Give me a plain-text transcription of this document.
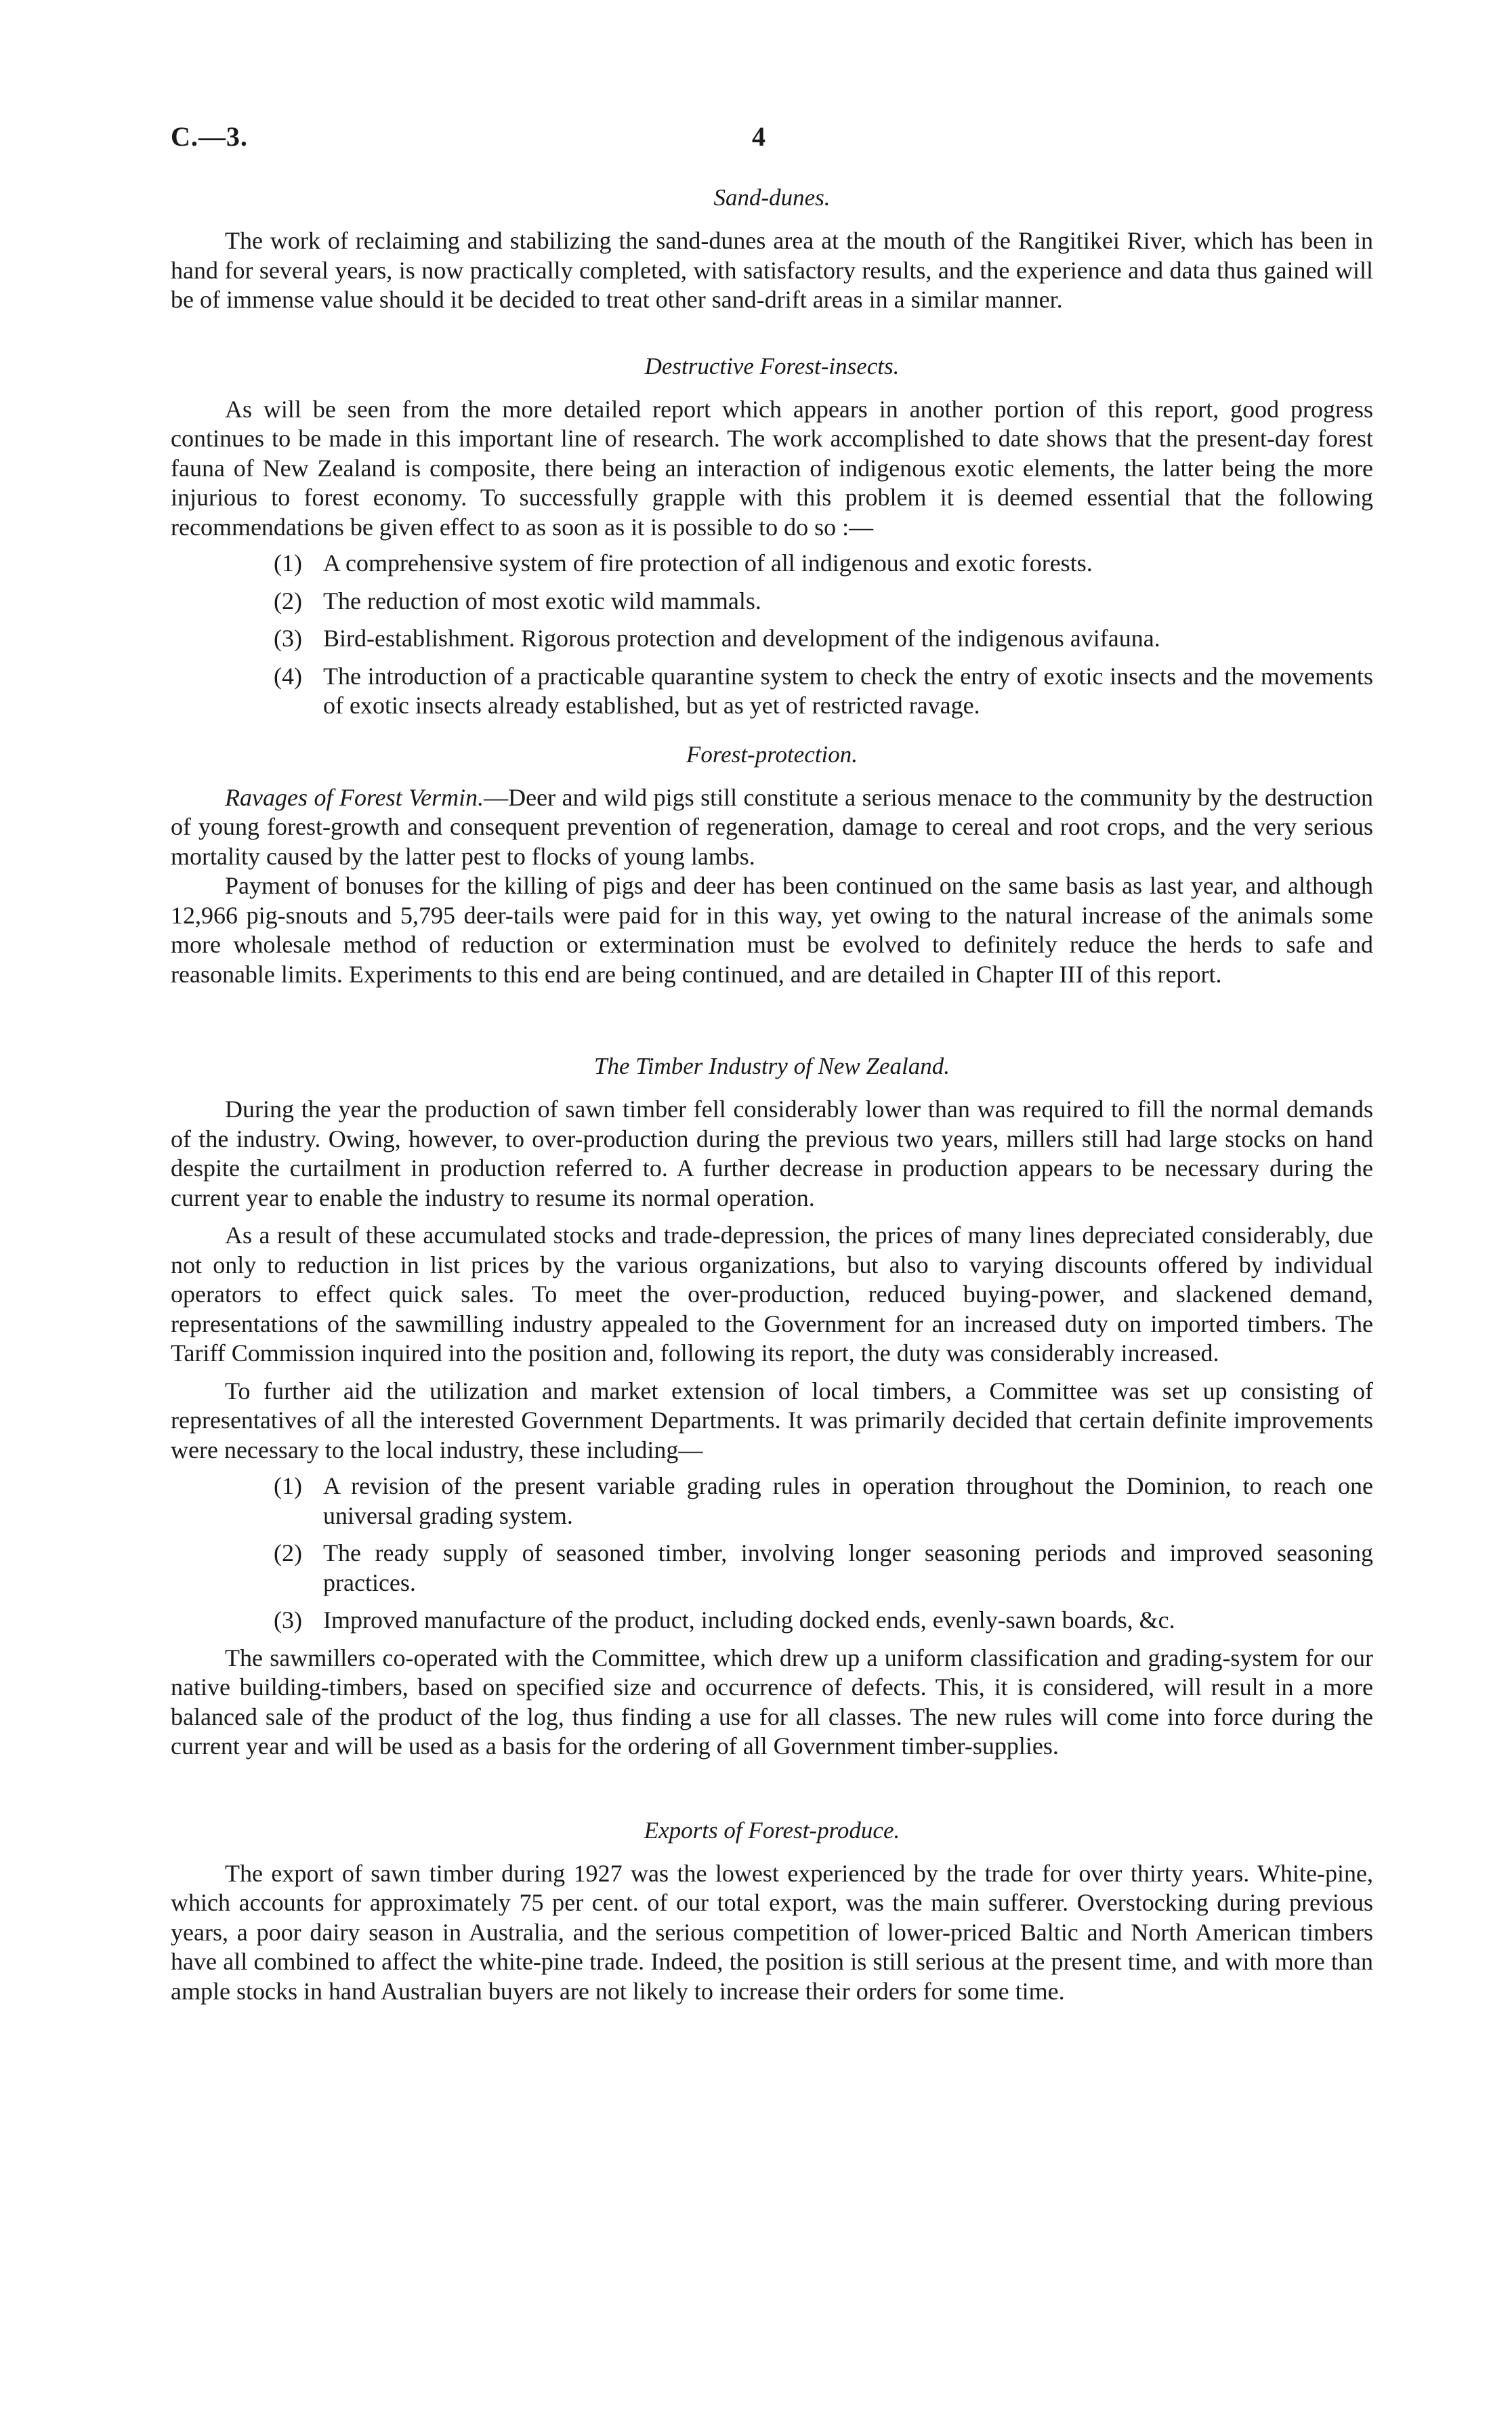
C.—3.	4
Sand-dunes.

The work of reclaiming and stabilizing the sand-dunes area at the mouth of the Rangitikei River, which has been in hand for several years, is now practically completed, with satisfactory results, and the experience and data thus gained will be of immense value should it be decided to treat other sand-drift areas in a similar manner.

Destructive Forest-insects.

As will be seen from the more detailed report which appears in another portion of this report, good progress continues to be made in this important line of research. The work accomplished to date shows that the present-day forest fauna of New Zealand is composite, there being an interaction of indigenous exotic elements, the latter being the more injurious to forest economy. To successfully grapple with this problem it is deemed essential that the following recommendations be given effect to as soon as it is possible to do so :—

(1) A comprehensive system of fire protection of all indigenous and exotic forests.
(2) The reduction of most exotic wild mammals.
(3) Bird-establishment. Rigorous protection and development of the indigenous avifauna.
(4) The introduction of a practicable quarantine system to check the entry of exotic insects and the movements of exotic insects already established, but as yet of restricted ravage.
Forest-protection.

Ravages of Forest Vermin.—Deer and wild pigs still constitute a serious menace to the community by the destruction of young forest-growth and consequent prevention of regeneration, damage to cereal and root crops, and the very serious mortality caused by the latter pest to flocks of young lambs.

Payment of bonuses for the killing of pigs and deer has been continued on the same basis as last year, and although 12,966 pig-snouts and 5,795 deer-tails were paid for in this way, yet owing to the natural increase of the animals some more wholesale method of reduction or extermination must be evolved to definitely reduce the herds to safe and reasonable limits. Experiments to this end are being continued, and are detailed in Chapter III of this report.

The Timber Industry of New Zealand.

During the year the production of sawn timber fell considerably lower than was required to fill the normal demands of the industry. Owing, however, to over-production during the previous two years, millers still had large stocks on hand despite the curtailment in production referred to. A further decrease in production appears to be necessary during the current year to enable the industry to resume its normal operation.

As a result of these accumulated stocks and trade-depression, the prices of many lines depreciated considerably, due not only to reduction in list prices by the various organizations, but also to varying discounts offered by individual operators to effect quick sales. To meet the over-production, reduced buying-power, and slackened demand, representations of the sawmilling industry appealed to the Government for an increased duty on imported timbers. The Tariff Commission inquired into the position and, following its report, the duty was considerably increased.

To further aid the utilization and market extension of local timbers, a Committee was set up consisting of representatives of all the interested Government Departments. It was primarily decided that certain definite improvements were necessary to the local industry, these including—

(1) A revision of the present variable grading rules in operation throughout the Dominion, to reach one universal grading system.
(2) The ready supply of seasoned timber, involving longer seasoning periods and improved seasoning practices.
(3) Improved manufacture of the product, including docked ends, evenly-sawn boards, &c.

The sawmillers co-operated with the Committee, which drew up a uniform classification and grading-system for our native building-timbers, based on specified size and occurrence of defects. This, it is considered, will result in a more balanced sale of the product of the log, thus finding a use for all classes. The new rules will come into force during the current year and will be used as a basis for the ordering of all Government timber-supplies.

Exports of Forest-produce.

The export of sawn timber during 1927 was the lowest experienced by the trade for over thirty years. White-pine, which accounts for approximately 75 per cent. of our total export, was the main sufferer. Overstocking during previous years, a poor dairy season in Australia, and the serious competition of lower-priced Baltic and North American timbers have all combined to affect the white-pine trade. Indeed, the position is still serious at the present time, and with more than ample stocks in hand Australian buyers are not likely to increase their orders for some time.
